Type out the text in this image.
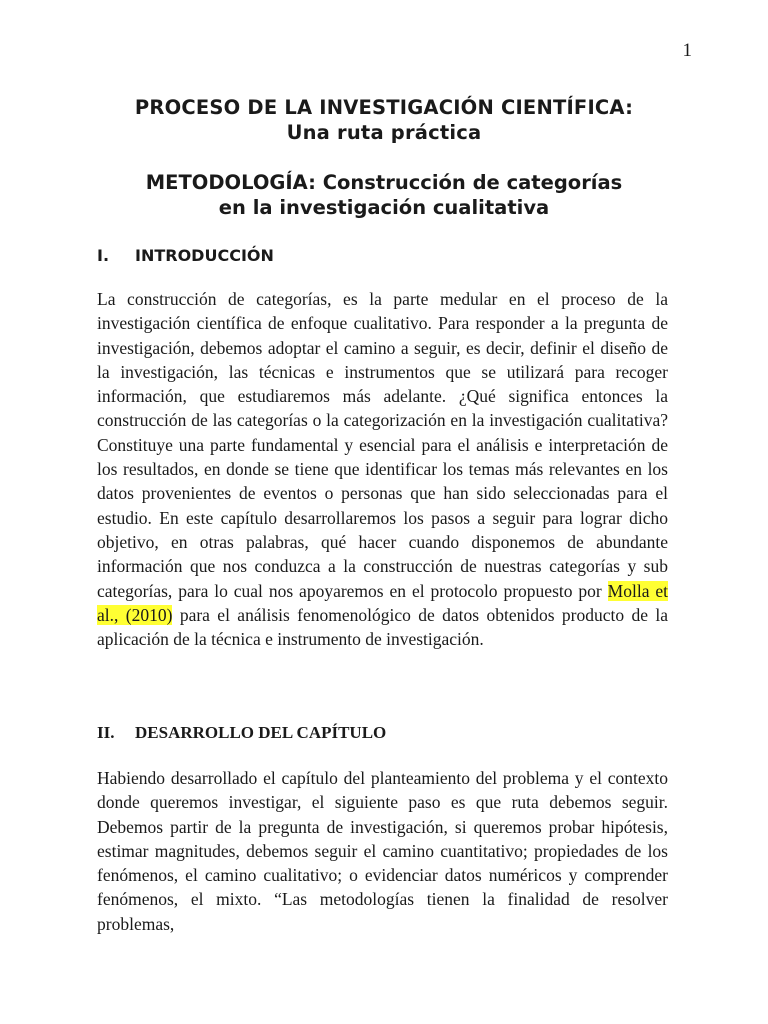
1
PROCESO DE LA INVESTIGACIÓN CIENTÍFICA:
Una ruta práctica
METODOLOGÍA: Construcción de categorías
en la investigación cualitativa
I.	INTRODUCCIÓN

La construcción de categorías, es la parte medular en el proceso de la investigación científica de enfoque cualitativo. Para responder a la pregunta de investigación, debemos adoptar el camino a seguir, es decir, definir el diseño de la investigación, las técnicas e instrumentos que se utilizará para recoger información, que estudiaremos más adelante. ¿Qué significa entonces la construcción de las categorías o la categorización en la investigación cualitativa? Constituye una parte fundamental y esencial para el análisis e interpretación de los resultados, en donde se tiene que identificar los temas más relevantes en los datos provenientes de eventos o personas que han sido seleccionadas para el estudio. En este capítulo desarrollaremos los pasos a seguir para lograr dicho objetivo, en otras palabras, qué hacer cuando disponemos de abundante información que nos conduzca a la construcción de nuestras categorías y sub categorías, para lo cual nos apoyaremos en el protocolo propuesto por Molla et al., (2010) para el análisis fenomenológico de datos obtenidos producto de la aplicación de la técnica e instrumento de investigación.

II.	DESARROLLO DEL CAPÍTULO

Habiendo desarrollado el capítulo del planteamiento del problema y el contexto donde queremos investigar, el siguiente paso es que ruta debemos seguir. Debemos partir de la pregunta de investigación, si queremos probar hipótesis, estimar magnitudes, debemos seguir el camino cuantitativo; propiedades de los fenómenos, el camino cualitativo; o evidenciar datos numéricos y comprender fenómenos, el mixto. “Las metodologías tienen la finalidad de resolver problemas,
